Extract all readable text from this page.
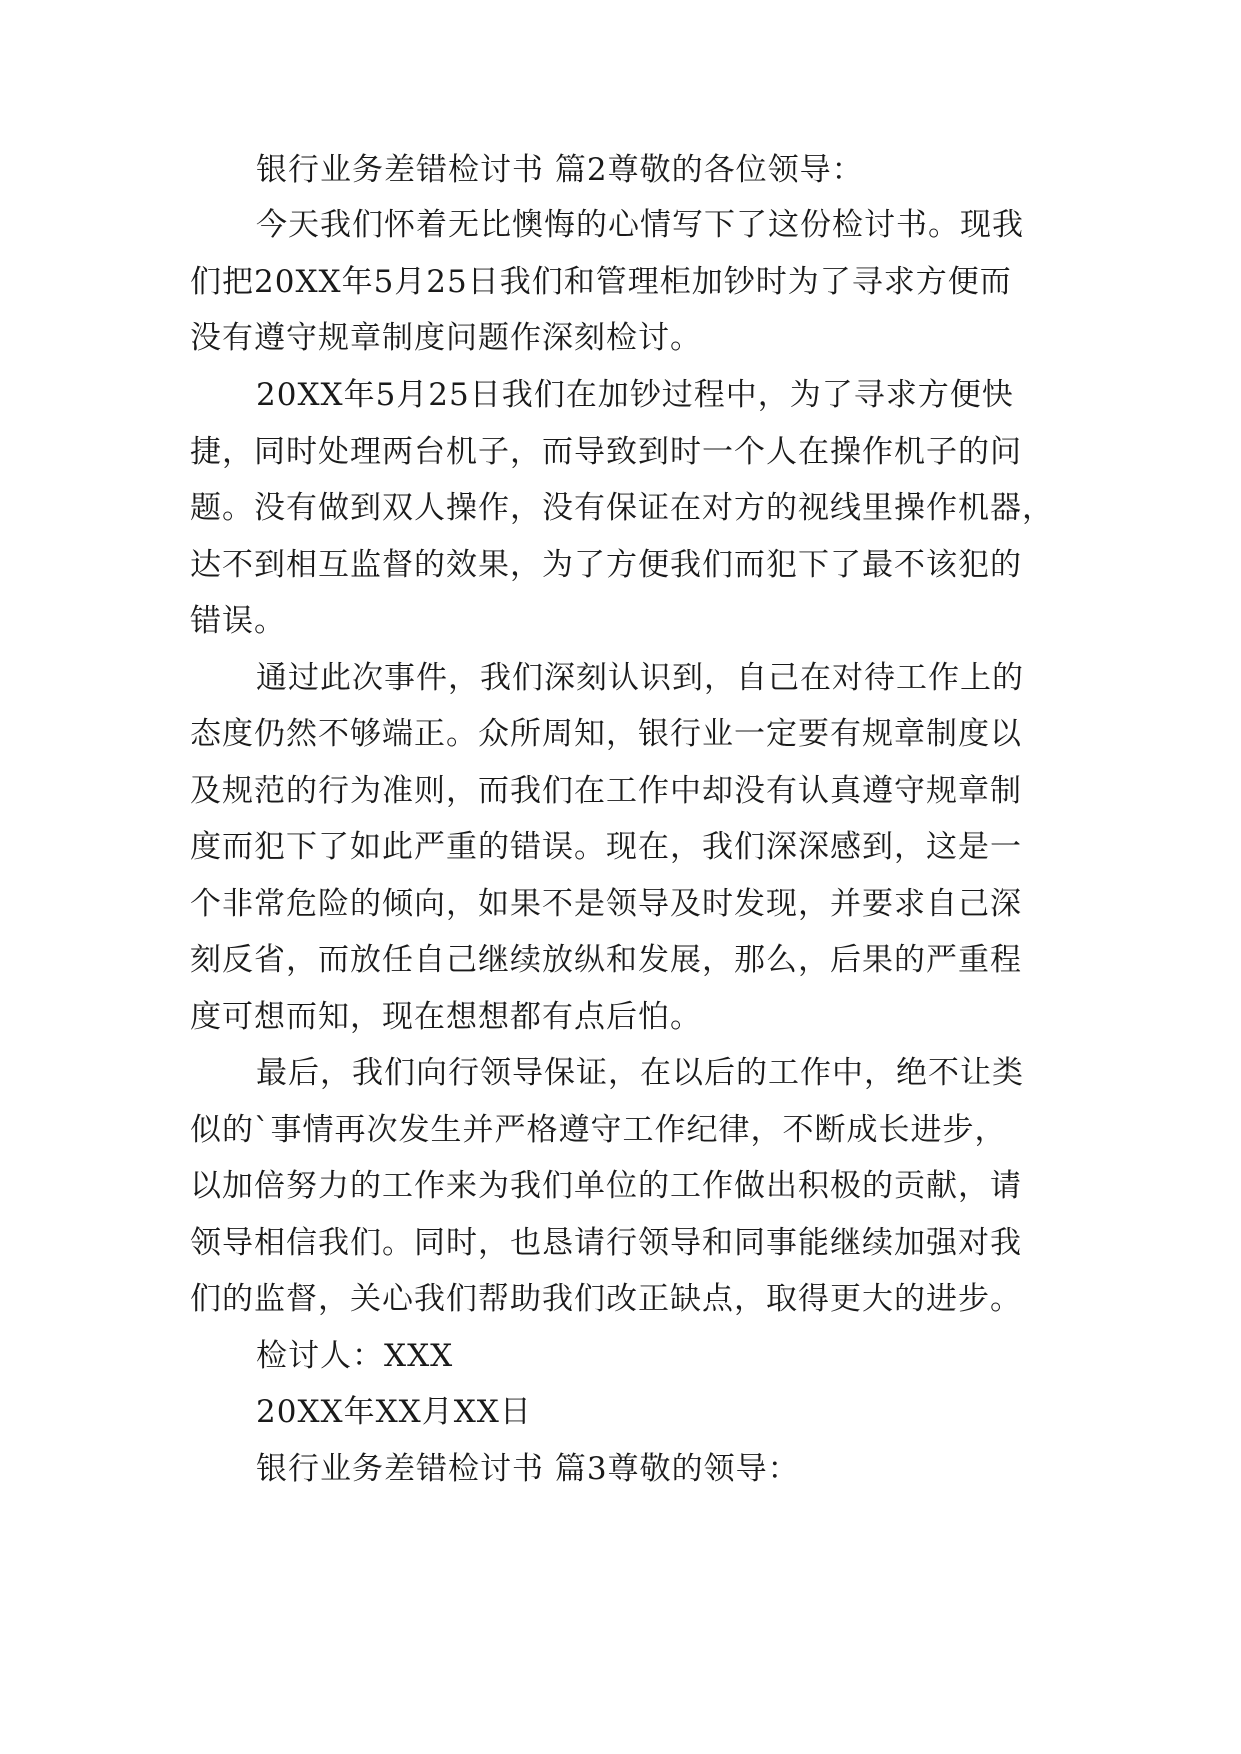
银行业务差错检讨书 篇2尊敬的各位领导：
今天我们怀着无比懊悔的心情写下了这份检讨书。现我
们把20XX年5月25日我们和管理柜加钞时为了寻求方便而
没有遵守规章制度问题作深刻检讨。
20XX年5月25日我们在加钞过程中，为了寻求方便快
捷，同时处理两台机子，而导致到时一个人在操作机子的问
题。没有做到双人操作，没有保证在对方的视线里操作机器，
达不到相互监督的效果，为了方便我们而犯下了最不该犯的
错误。
通过此次事件，我们深刻认识到，自己在对待工作上的
态度仍然不够端正。众所周知，银行业一定要有规章制度以
及规范的行为准则，而我们在工作中却没有认真遵守规章制
度而犯下了如此严重的错误。现在，我们深深感到，这是一
个非常危险的倾向，如果不是领导及时发现，并要求自己深
刻反省，而放任自己继续放纵和发展，那么，后果的严重程
度可想而知，现在想想都有点后怕。
最后，我们向行领导保证，在以后的工作中，绝不让类
似的`事情再次发生并严格遵守工作纪律，不断成长进步，
以加倍努力的工作来为我们单位的工作做出积极的贡献，请
领导相信我们。同时，也恳请行领导和同事能继续加强对我
们的监督，关心我们帮助我们改正缺点，取得更大的进步。
检讨人：XXX
20XX年XX月XX日
银行业务差错检讨书 篇3尊敬的领导：
